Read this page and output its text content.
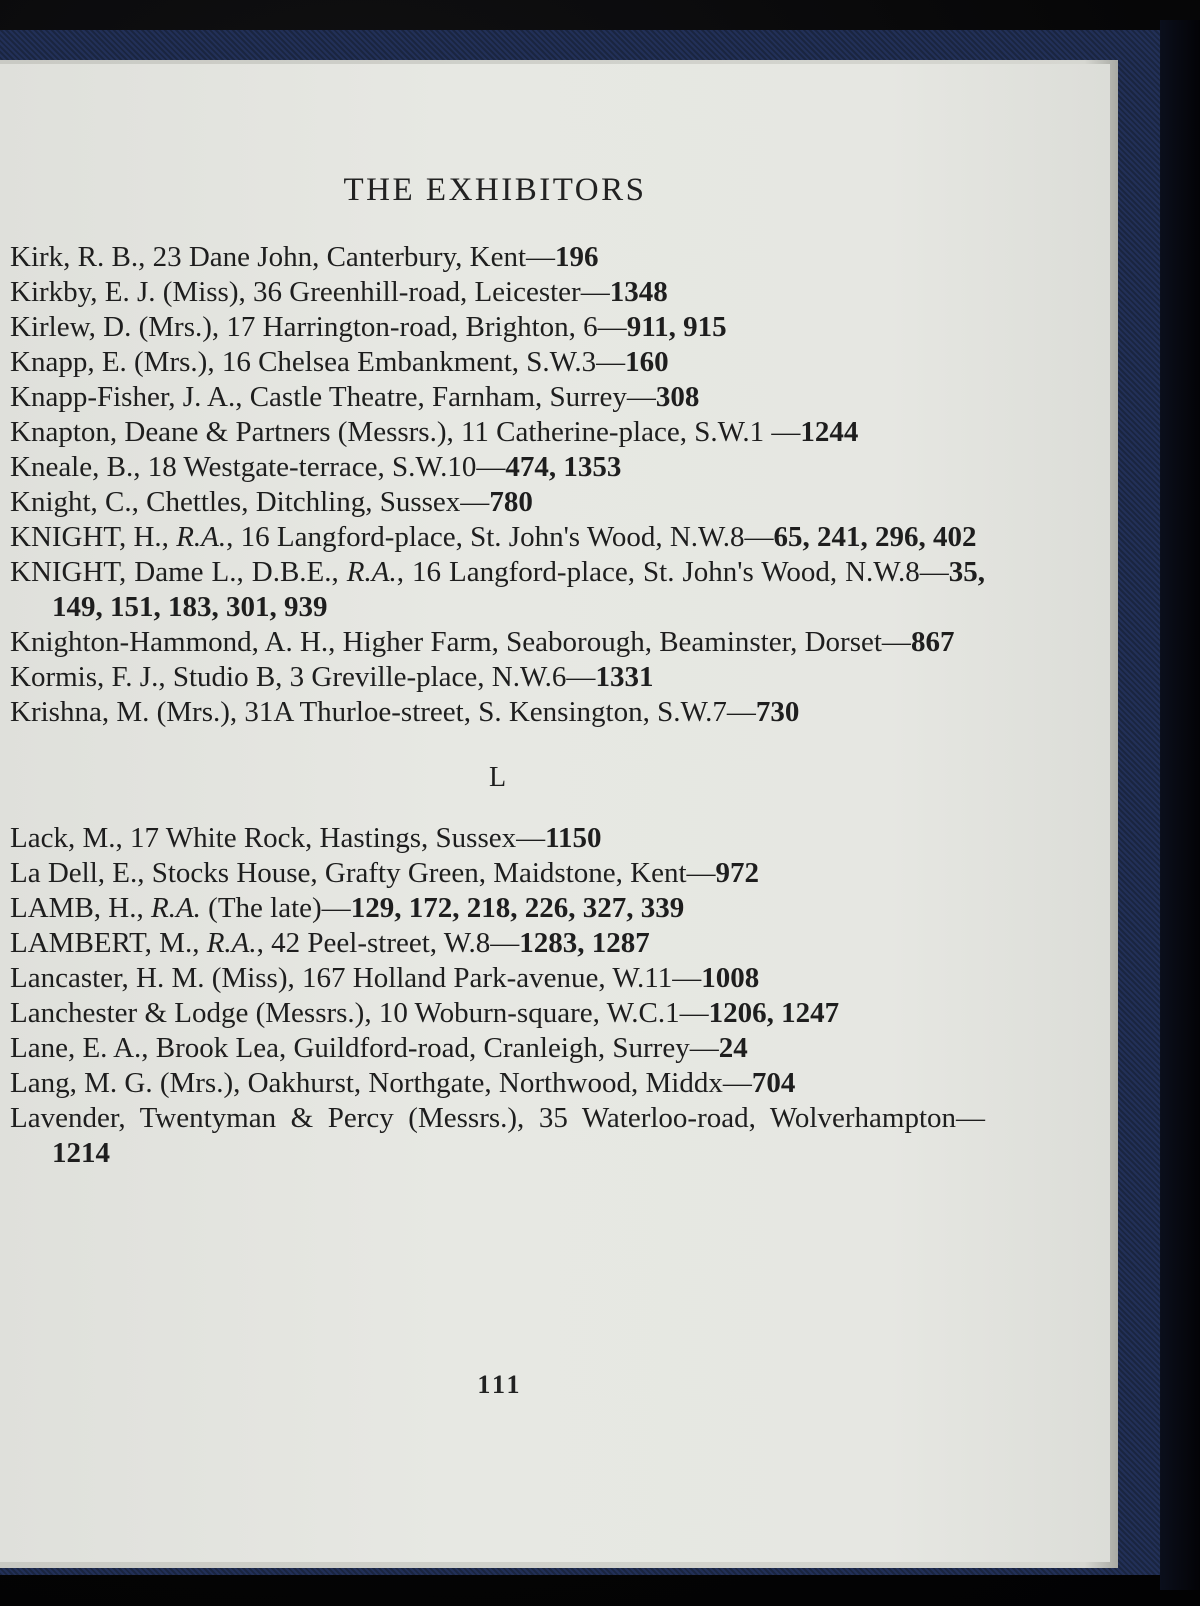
THE EXHIBITORS
Kirk, R. B., 23 Dane John, Canterbury, Kent—196
Kirkby, E. J. (Miss), 36 Greenhill-road, Leicester—1348
Kirlew, D. (Mrs.), 17 Harrington-road, Brighton, 6—911, 915
Knapp, E. (Mrs.), 16 Chelsea Embankment, S.W.3—160
Knapp-Fisher, J. A., Castle Theatre, Farnham, Surrey—308
Knapton, Deane & Partners (Messrs.), 11 Catherine-place, S.W.1 —1244
Kneale, B., 18 Westgate-terrace, S.W.10—474, 1353
Knight, C., Chettles, Ditchling, Sussex—780
KNIGHT, H., R.A., 16 Langford-place, St. John's Wood, N.W.8—65, 241, 296, 402
KNIGHT, Dame L., D.B.E., R.A., 16 Langford-place, St. John's Wood, N.W.8—35, 149, 151, 183, 301, 939
Knighton-Hammond, A. H., Higher Farm, Seaborough, Beaminster, Dorset—867
Kormis, F. J., Studio B, 3 Greville-place, N.W.6—1331
Krishna, M. (Mrs.), 31A Thurloe-street, S. Kensington, S.W.7—730
L
Lack, M., 17 White Rock, Hastings, Sussex—1150
La Dell, E., Stocks House, Grafty Green, Maidstone, Kent—972
LAMB, H., R.A. (The late)—129, 172, 218, 226, 327, 339
LAMBERT, M., R.A., 42 Peel-street, W.8—1283, 1287
Lancaster, H. M. (Miss), 167 Holland Park-avenue, W.11—1008
Lanchester & Lodge (Messrs.), 10 Woburn-square, W.C.1—1206, 1247
Lane, E. A., Brook Lea, Guildford-road, Cranleigh, Surrey—24
Lang, M. G. (Mrs.), Oakhurst, Northgate, Northwood, Middx—704
Lavender, Twentyman & Percy (Messrs.), 35 Waterloo-road, Wolverhampton—1214
111
